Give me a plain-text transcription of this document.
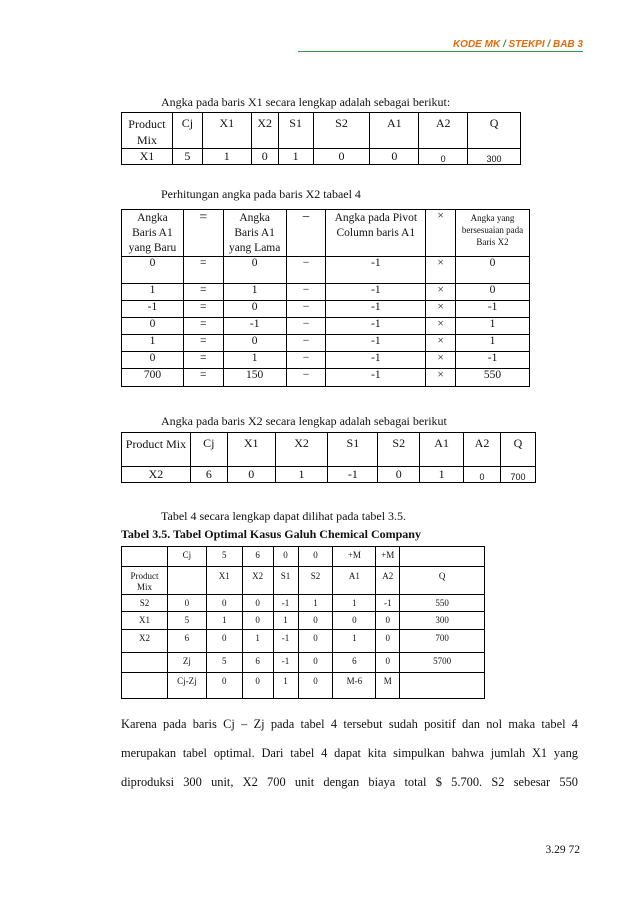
KODE MK / STEKPI / BAB 3
Angka pada baris X1 secara lengkap adalah sebagai berikut:
Product Mix	Cj	X1	X2	S1	S2	A1	A2	Q
X1	5	1	0	1	0	0	0	300
Perhitungan angka pada baris X2 tabael 4
Angka Baris A1 yang Baru	=	Angka Baris A1 yang Lama	−	Angka pada Pivot Column baris A1	×	Angka yang bersesuaian pada Baris X2
0	=	0	−	-1	×	0
1	=	1	−	-1	×	0
-1	=	0	−	-1	×	-1
0	=	-1	−	-1	×	1
1	=	0	−	-1	×	1
0	=	1	−	-1	×	-1
700	=	150	−	-1	×	550
Angka pada baris X2 secara lengkap adalah sebagai berikut
Product Mix	Cj	X1	X2	S1	S2	A1	A2	Q
X2	6	0	1	-1	0	1	0	700
Tabel 4 secara lengkap dapat dilihat pada tabel 3.5.
Tabel 3.5. Tabel Optimal Kasus Galuh Chemical Company
	Cj	5	6	0	0	+M	+M	
Product Mix		X1	X2	S1	S2	A1	A2	Q
S2	0	0	0	-1	1	1	-1	550
X1	5	1	0	1	0	0	0	300
X2	6	0	1	-1	0	1	0	700
	Zj	5	6	-1	0	6	0	5700
	Cj-Zj	0	0	1	0	M-6	M	
Karena pada baris Cj – Zj pada tabel 4 tersebut sudah positif dan nol maka tabel 4
merupakan tabel optimal. Dari tabel 4 dapat kita simpulkan bahwa jumlah X1 yang
diproduksi 300 unit, X2 700 unit dengan biaya total $ 5.700. S2 sebesar 550
3.29 72
